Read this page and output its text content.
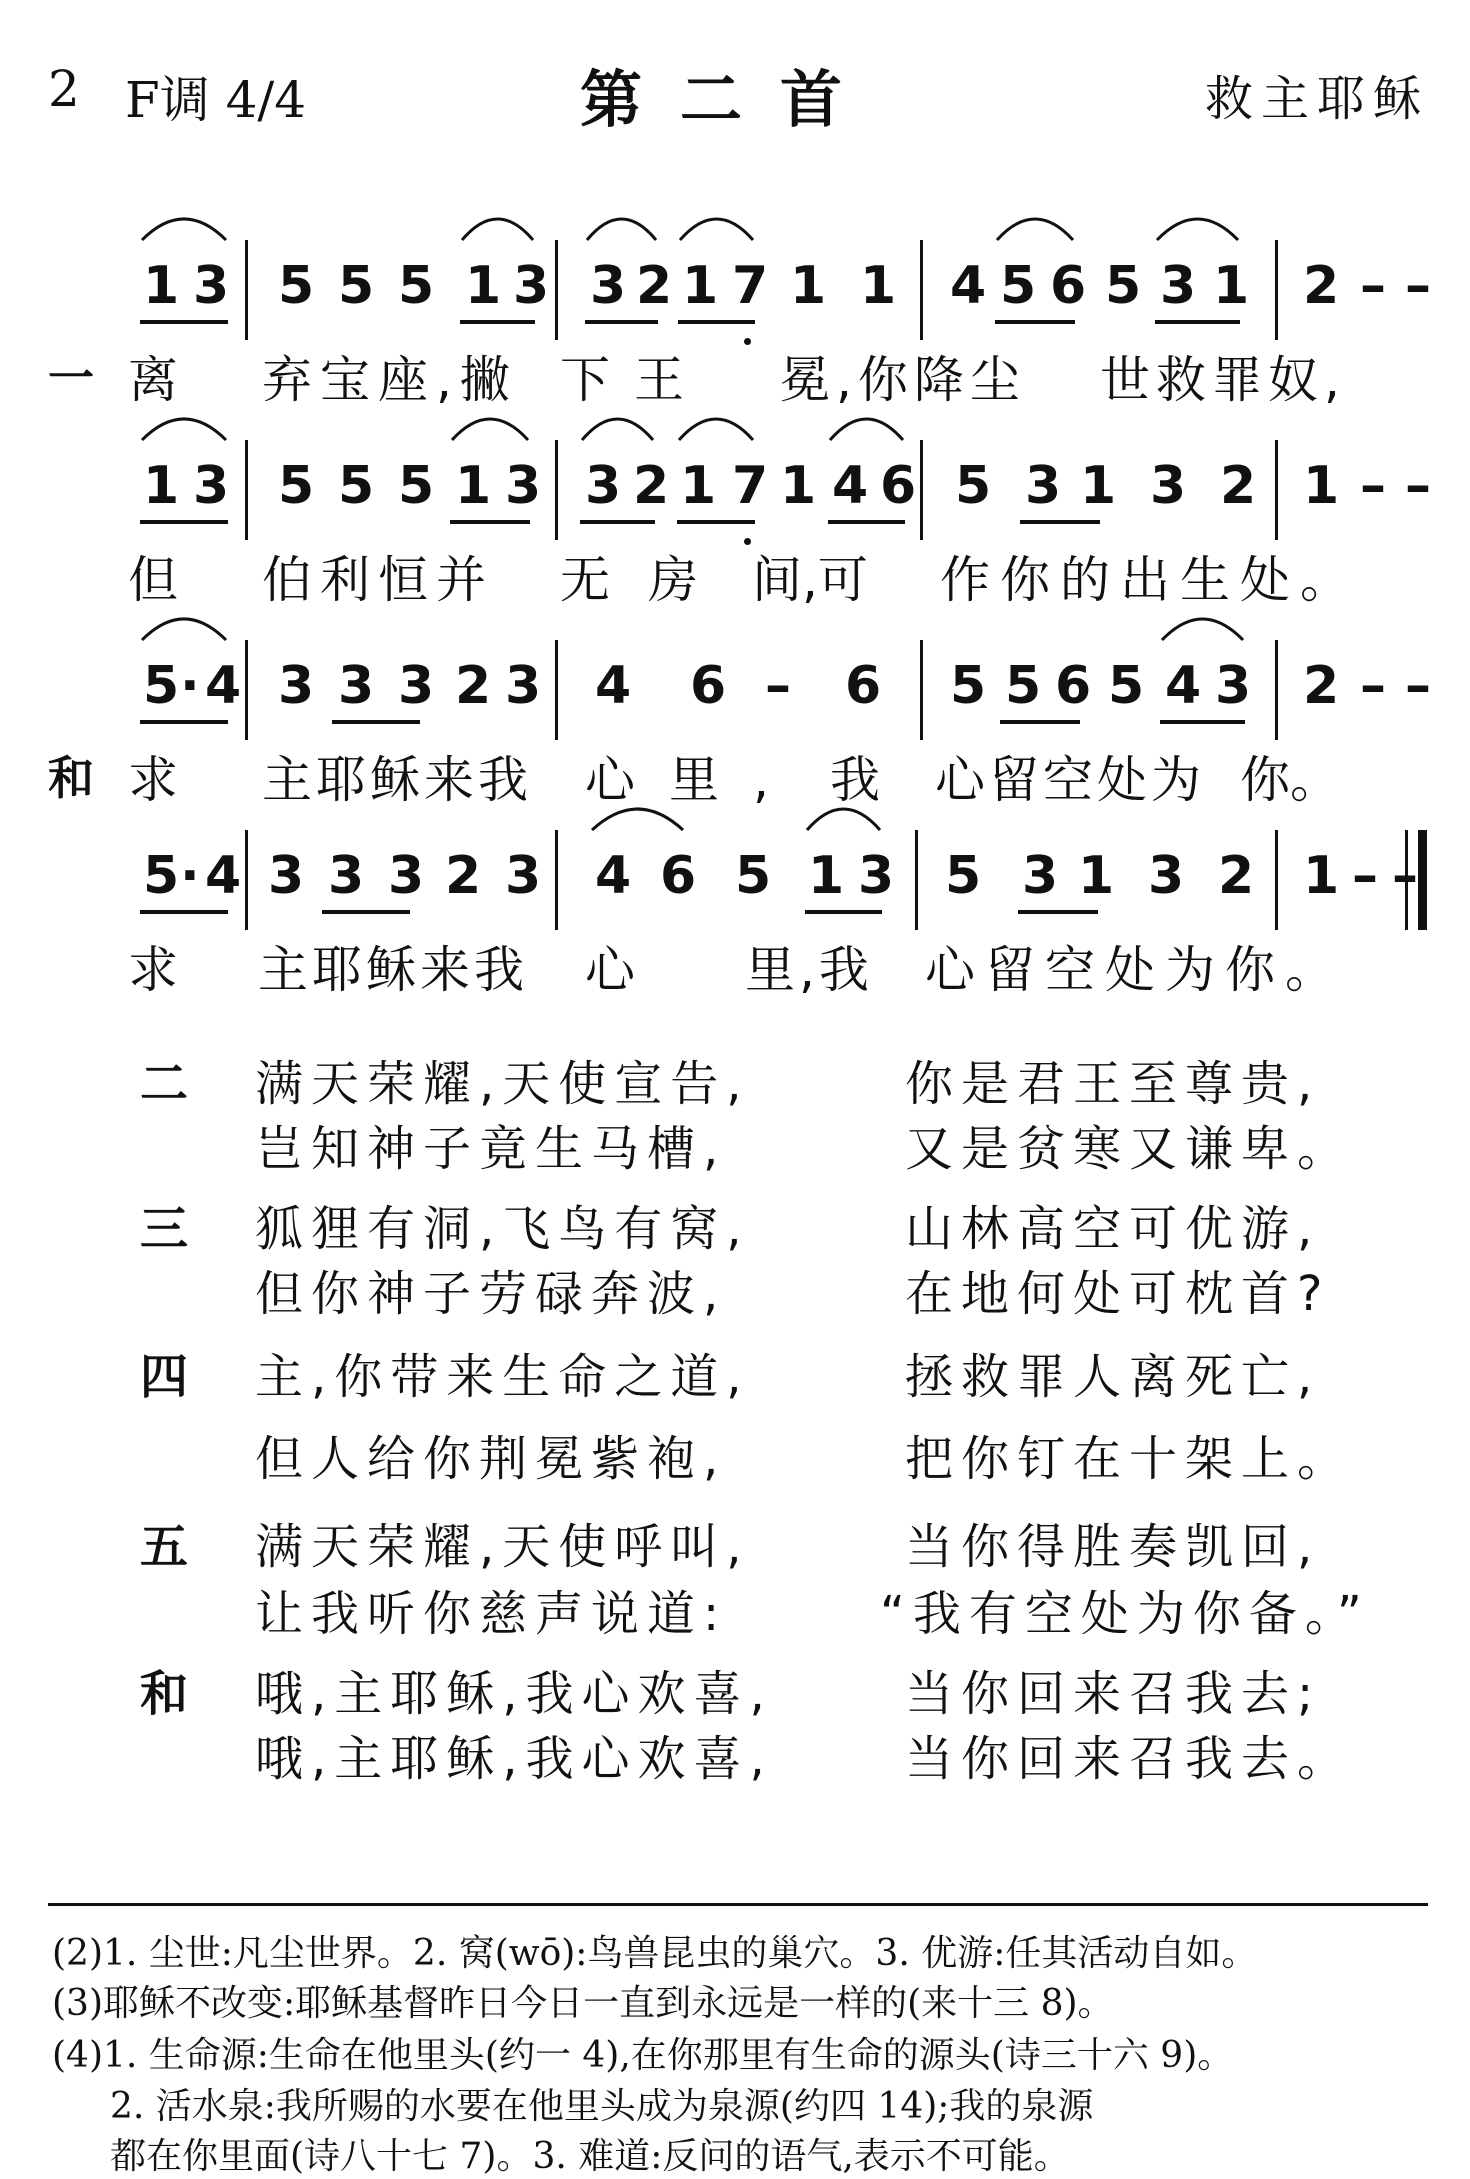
2 F调 4/4	第二首	救主耶稣
1 3 5 5 5 1 3 3 2 1 7 1 1 4 5 6 5 3 1 2 – –
1 3 5 5 5 1 3 3 2 1 7 1 4 6 5 3 1 3 2 1 – –
5 · 4 3 3 3 2 3 4 6 – 6 5 5 6 5 4 3 2 – –
5 · 4 3 3 3 2 3 4 6 5 1 3 5 3 1 3 2 1 – –
一 离 弃宝座,撇 下王 冕,你降尘 世救罪奴,
但 伯利恒并 无房 间,可 作你的出生处。
和 求 主耶稣来我 心里, 我 心留空处为 你。
求 主耶稣来我 心 里,我 心留空处为你。
二 满天荣耀,天使宣告,	你是君王至尊贵,
岂知神子竟生马槽,	又是贫寒又谦卑。
三 狐狸有洞,飞鸟有窝,	山林高空可优游,
但你神子劳碌奔波,	在地何处可枕首?
四 主,你带来生命之道,	拯救罪人离死亡,
但人给你荆冕紫袍,	把你钉在十架上。
五 满天荣耀,天使呼叫,	当你得胜奏凯回,
让我听你慈声说道:	“我有空处为你备。”
和 哦,主耶稣,我心欢喜,	当你回来召我去;
哦,主耶稣,我心欢喜,	当你回来召我去。
(2)1. 尘世:凡尘世界。2. 窝(wō):鸟兽昆虫的巢穴。3. 优游:任其活动自如。
(3)耶稣不改变:耶稣基督昨日今日一直到永远是一样的(来十三 8)。
(4)1. 生命源:生命在他里头(约一 4),在你那里有生命的源头(诗三十六 9)。
2. 活水泉:我所赐的水要在他里头成为泉源(约四 14);我的泉源
都在你里面(诗八十七 7)。3. 难道:反问的语气,表示不可能。
